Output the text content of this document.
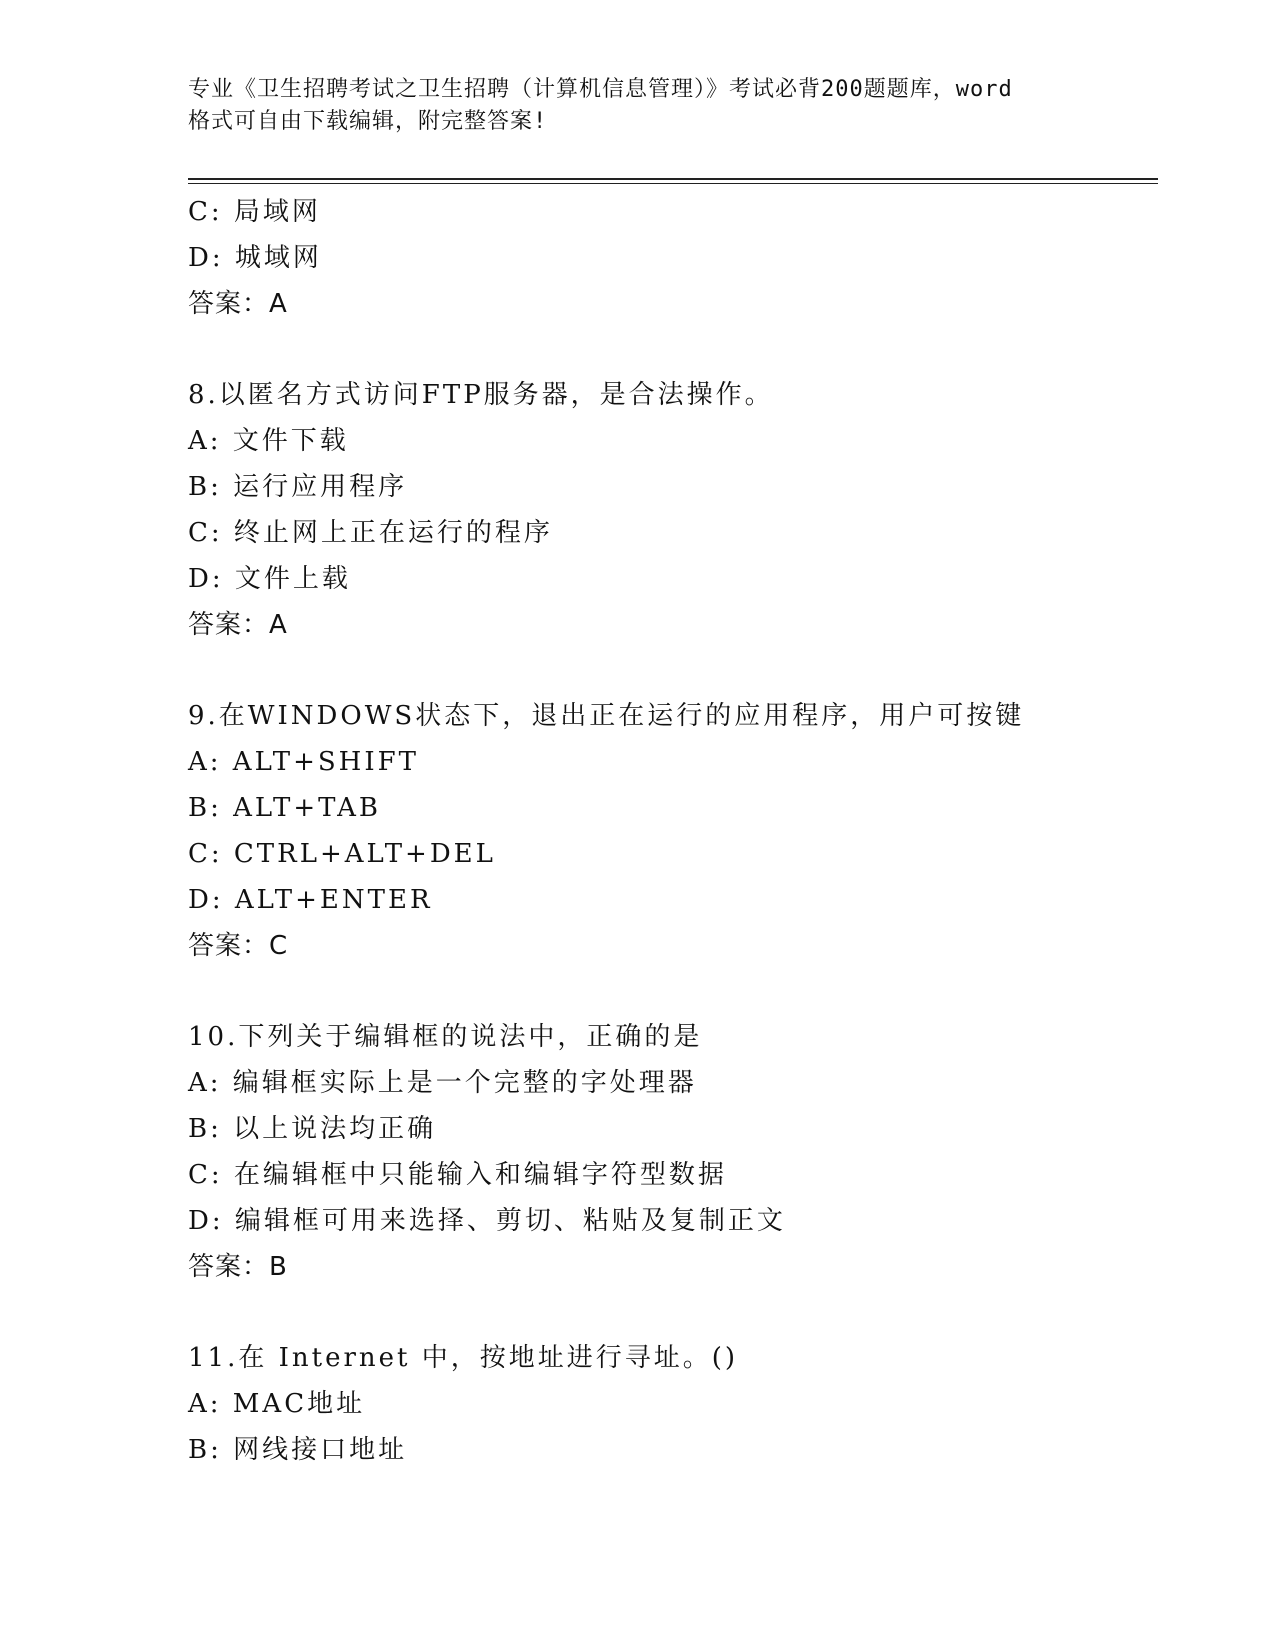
专业《卫生招聘考试之卫生招聘（计算机信息管理）》考试必背200题题库，word
格式可自由下载编辑，附完整答案!
C: 局域网
D: 城域网
答案：A
8.以匿名方式访问FTP服务器，是合法操作。
A: 文件下载
B: 运行应用程序
C: 终止网上正在运行的程序
D: 文件上载
答案：A
9.在WINDOWS状态下，退出正在运行的应用程序，用户可按键
A: ALT+SHIFT
B: ALT+TAB
C: CTRL+ALT+DEL
D: ALT+ENTER
答案：C
10.下列关于编辑框的说法中，正确的是
A: 编辑框实际上是一个完整的字处理器
B: 以上说法均正确
C: 在编辑框中只能输入和编辑字符型数据
D: 编辑框可用来选择、剪切、粘贴及复制正文
答案：B
11.在 Internet 中，按地址进行寻址。()
A: MAC地址
B: 网线接口地址
